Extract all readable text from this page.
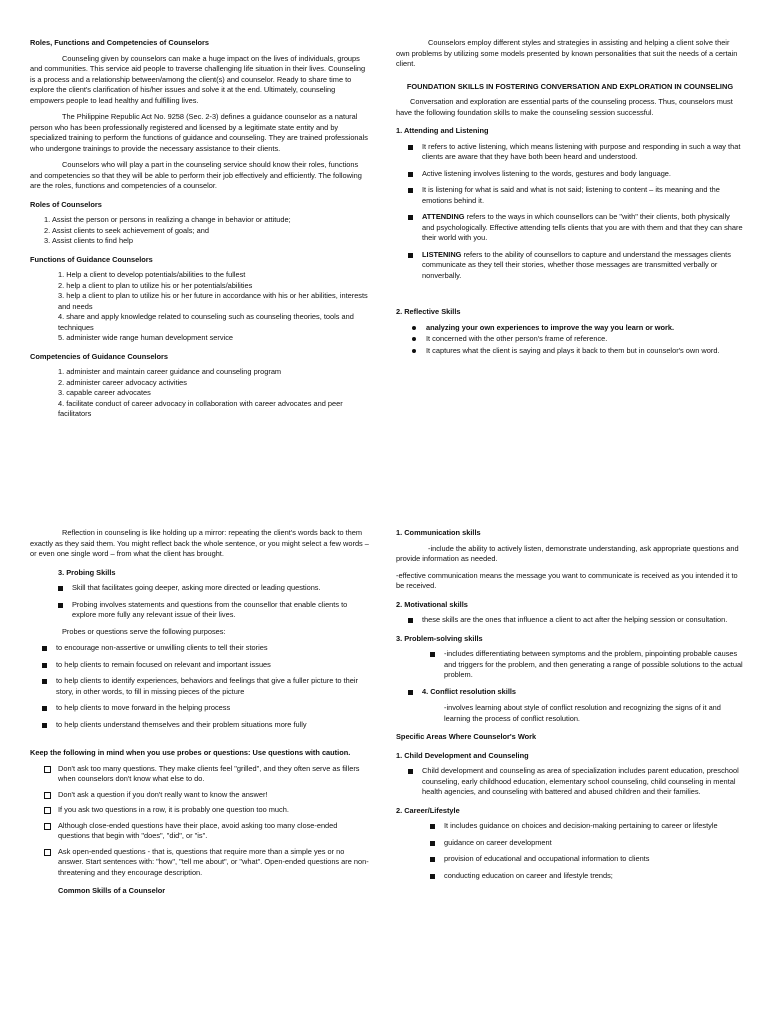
Roles, Functions and Competencies of Counselors

Counseling given by counselors can make a huge impact on the lives of individuals, groups and communities. This service aid people to traverse challenging life situation in their lives. Counseling is a process and a relationship between/among the client(s) and counselor. Ready to share time to explore the client's clarification of his/her issues and solve it at the end. Ultimately, counseling empowers people to lead healthy and fulfilling lives.

The Philippine Republic Act No. 9258 (Sec. 2-3) defines a guidance counselor as a natural person who has been professionally registered and licensed by a legitimate state entity and by specialized training to perform the functions of guidance and counseling. They are trained professionals who undergone trainings to provide the necessary assistance to their clients.

Counselors who will play a part in the counseling service should know their roles, functions and competencies so that they will be able to perform their job effectively and efficiently. The following are the roles, functions and competencies of a counselor.

Roles of Counselors

1. Assist the person or persons in realizing a change in behavior or attitude;
2. Assist clients to seek achievement of goals; and
3. Assist clients to find help

Functions of Guidance Counselors

1. Help a client to develop potentials/abilities to the fullest
2. help a client to plan to utilize his or her potentials/abilities
3. help a client to plan to utilize his or her future in accordance with his or her abilities, interests and needs
4. share and apply knowledge related to counseling such as counseling theories, tools and techniques
5. administer wide range human development service

Competencies of Guidance Counselors

1. administer and maintain career guidance and counseling program
2. administer career advocacy activities
3. capable career advocates
4. facilitate conduct of career advocacy in collaboration with career advocates and peer facilitators

Counselors employ different styles and strategies in assisting and helping a client solve their own problems by utilizing some models presented by known personalities that suit the needs of a certain client.

FOUNDATION SKILLS IN FOSTERING CONVERSATION AND EXPLORATION IN COUNSELING

Conversation and exploration are essential parts of the counseling process. Thus, counselors must have the following foundation skills to make the counseling session successful.

1. Attending and Listening

It refers to active listening, which means listening with purpose and responding in such a way that clients are aware that they have both been heard and understood.
Active listening involves listening to the words, gestures and body language.
It is listening for what is said and what is not said; listening to content – its meaning and the emotions behind it.
ATTENDING refers to the ways in which counsellors can be "with" their clients, both physically and psychologically. Effective attending tells clients that you are with them and that they can share their world with you.
LISTENING refers to the ability of counsellors to capture and understand the messages clients communicate as they tell their stories, whether those messages are transmitted verbally or nonverbally.

2. Reflective Skills

analyzing your own experiences to improve the way you learn or work.
It concerned with the other person's frame of reference.
It captures what the client is saying and plays it back to them but in counselor's own word.

Reflection in counseling is like holding up a mirror: repeating the client's words back to them exactly as they said them. You might reflect back the whole sentence, or you might select a few words – or even one single word – from what the client has brought.

3. Probing Skills

Skill that facilitates going deeper, asking more directed or leading questions.
Probing involves statements and questions from the counsellor that enable clients to explore more fully any relevant issue of their lives.

Probes or questions serve the following purposes:

to encourage non-assertive or unwilling clients to tell their stories
to help clients to remain focused on relevant and important issues
to help clients to identify experiences, behaviors and feelings that give a fuller picture to their story, in other words, to fill in missing pieces of the picture
to help clients to move forward in the helping process
to help clients understand themselves and their problem situations more fully

Keep the following in mind when you use probes or questions: Use questions with caution.

Don't ask too many questions. They make clients feel "grilled", and they often serve as fillers when counselors don't know what else to do.
Don't ask a question if you don't really want to know the answer!
If you ask two questions in a row, it is probably one question too much.
Although close-ended questions have their place, avoid asking too many close-ended questions that begin with "does", "did", or "is".
Ask open-ended questions - that is, questions that require more than a simple yes or no answer. Start sentences with: "how", "tell me about", or "what". Open-ended questions are non-threatening and they encourage description.

Common Skills of a Counselor

1. Communication skills

-include the ability to actively listen, demonstrate understanding, ask appropriate questions and provide information as needed.

-effective communication means the message you want to communicate is received as you intended it to be received.

2. Motivational skills

these skills are the ones that influence a client to act after the helping session or consultation.

3. Problem-solving skills

-includes differentiating between symptoms and the problem, pinpointing probable causes and triggers for the problem, and then generating a range of possible solutions to the actual problem.
4. Conflict resolution skills

-involves learning about style of conflict resolution and recognizing the signs of it and learning the process of conflict resolution.

Specific Areas Where Counselor's Work

1. Child Development and Counseling

Child development and counseling as area of specialization includes parent education, preschool counseling, early childhood education, elementary school counseling, child counseling in mental health agencies, and counseling with battered and abused children and their families.

2. Career/Lifestyle

It includes guidance on choices and decision-making pertaining to career or lifestyle
guidance on career development
provision of educational and occupational information to clients
conducting education on career and lifestyle trends;
